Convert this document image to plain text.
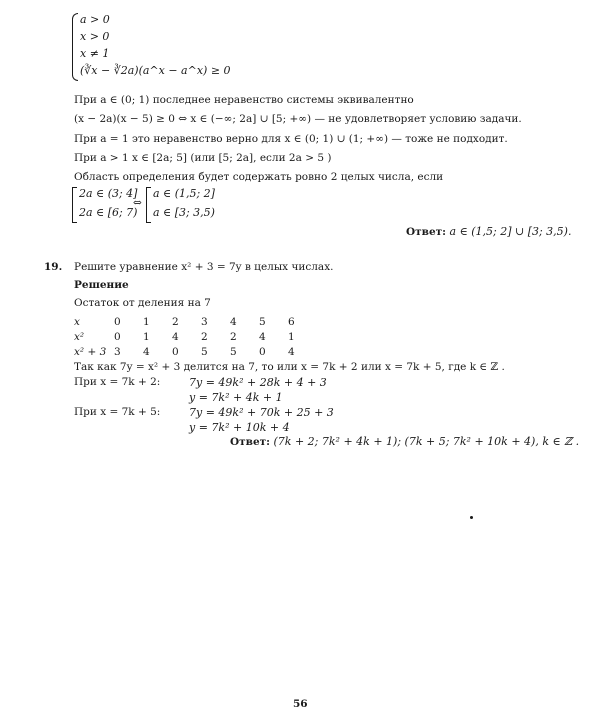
a > 0
x > 0
x ≠ 1
(∛x − ∛2a)(a^x − a^x) ≥ 0
При a ∈ (0; 1) последнее неравенство системы эквивалентно
(x − 2a)(x − 5) ≥ 0 ⇔ x ∈ (−∞; 2a] ∪ [5; +∞) — не удовлетворяет условию задачи.
При a = 1 это неравенство верно для x ∈ (0; 1) ∪ (1; +∞) — тоже не подходит.
При a > 1 x ∈ [2a; 5] (или [5; 2a], если 2a > 5 )
Область определения будет содержать ровно 2 целых числа, если
2a ∈ (3; 4]
2a ∈ [6; 7)
⇔
a ∈ (1,5; 2]
a ∈ [3; 3,5)
Ответ: a ∈ (1,5; 2] ∪ [3; 3,5).
19. Решите уравнение x² + 3 = 7y в целых числах.
Решение
Остаток от деления на 7
x	0	1	2	3	4	5	6
x²	0	1	4	2	2	4	1
x² + 3	3	4	0	5	5	0	4
Так как 7y = x² + 3 делится на 7, то или x = 7k + 2 или x = 7k + 5, где k ∈ ℤ .
При x = 7k + 2:	7y = 49k² + 28k + 4 + 3
y = 7k² + 4k + 1
При x = 7k + 5:	7y = 49k² + 70k + 25 + 3
y = 7k² + 10k + 4
Ответ: (7k + 2; 7k² + 4k + 1); (7k + 5; 7k² + 10k + 4), k ∈ ℤ .
56
